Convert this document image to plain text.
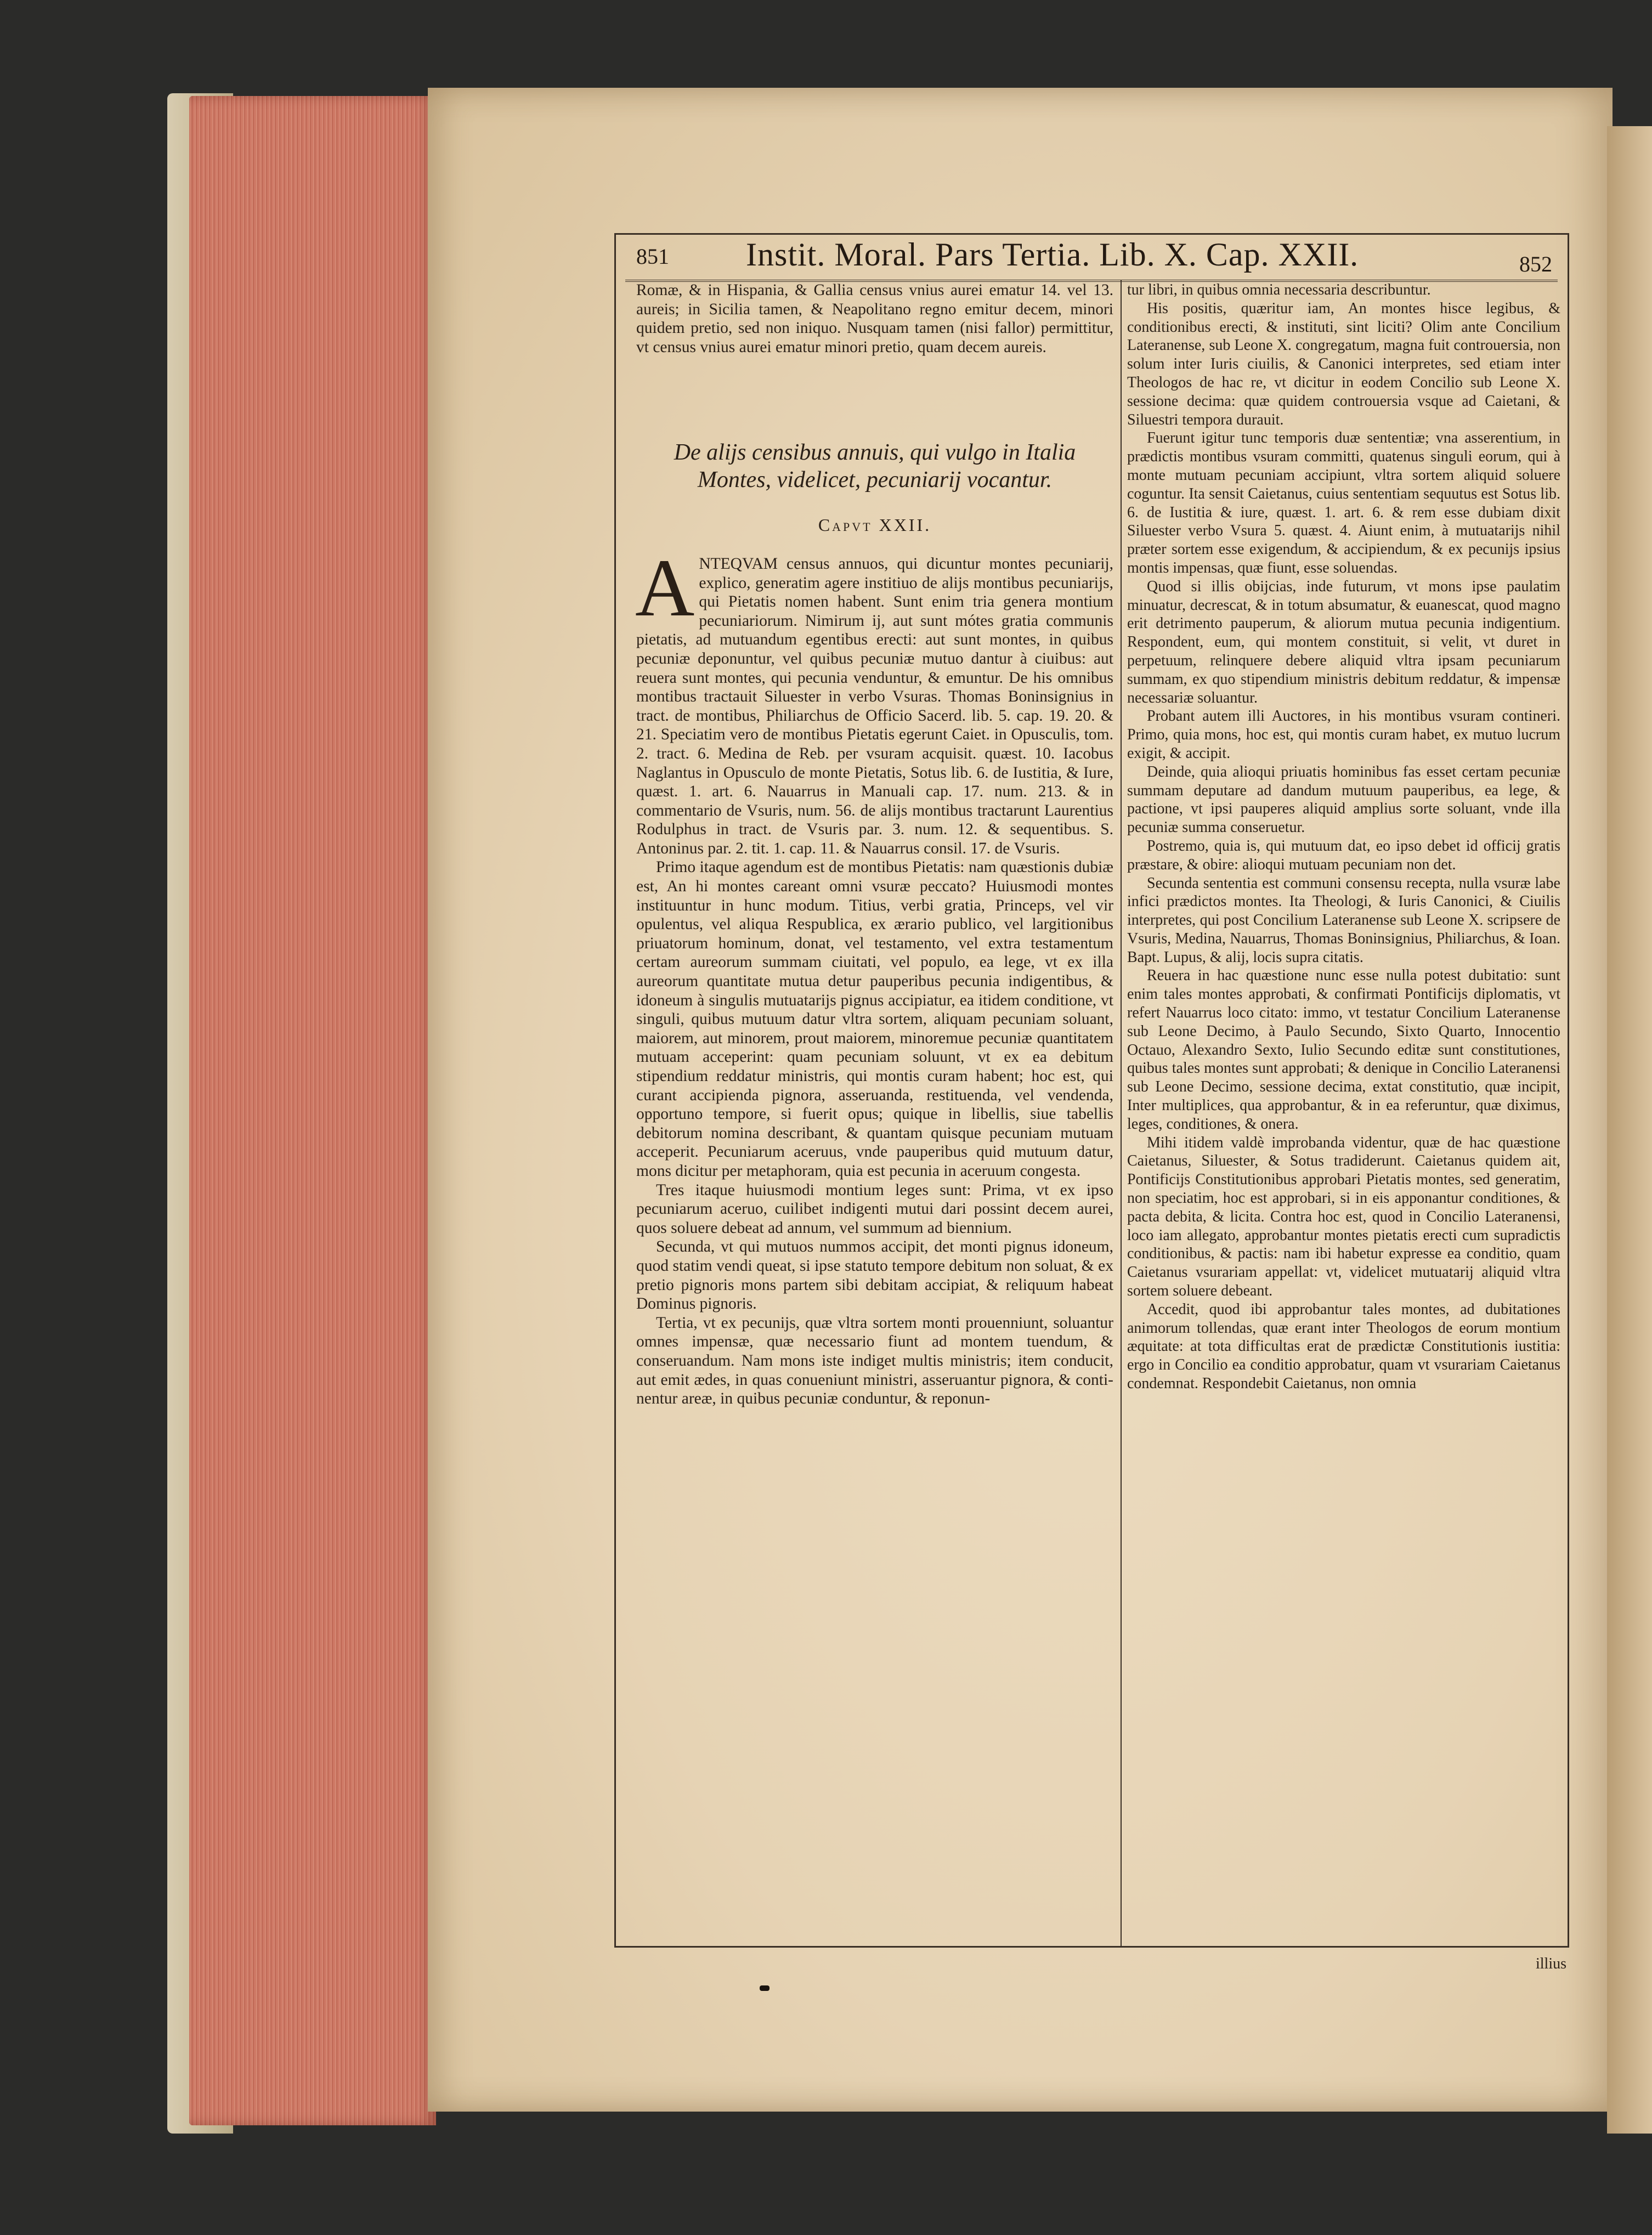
851 Instit. Moral. Pars Tertia. Lib. X. Cap. XXII.	852

Romæ, & in Hispania, & Gallia census vnius aurei ematur 14. vel 13. aureis; in Sicilia tamen, & Neapolitano regno emitur decem, minori quidem pretio, sed non iniquo. Nusquam tamen (nisi fallor) permittitur, vt census vnius aurei ematur minori pretio, quam decem aureis.

De alijs censibus annuis, qui vulgo in Italia Montes, videlicet, pecuniarij vocantur.
Capvt XXII.

ANTEQVAM census annuos, qui dicuntur montes pecuniarij, explico, generatim agere institiuo de alijs montibus pecuniarijs, qui Pietatis nomen habent. Sunt enim tria genera montium pecuniariorum. Nimirum ij, aut sunt mótes gratia communis pietatis, ad mutuandum egentibus erecti: aut sunt montes, in quibus pecuniæ deponuntur, vel quibus pecuniæ mutuo dantur à ciuibus: aut reuera sunt montes, qui pecunia venduntur, & emuntur. De his omnibus montibus tractauit Siluester in verbo Vsuras. Thomas Boninsignius in tract. de montibus, Philiarchus de Officio Sacerd. lib. 5. cap. 19. 20. & 21. Speciatim vero de montibus Pietatis egerunt Caiet. in Opusculis, tom. 2. tract. 6. Medina de Reb. per vsuram acquisit. quæst. 10. Iacobus Naglantus in Opusculo de monte Pietatis, Sotus lib. 6. de Iustitia, & Iure, quæst. 1. art. 6. Nauarrus in Manuali cap. 17. num. 213. & in commentario de Vsuris, num. 56. de alijs montibus tractarunt Laurentius Rodulphus in tract. de Vsuris par. 3. num. 12. & sequentibus. S. Antoninus par. 2. tit. 1. cap. 11. & Nauarrus consil. 17. de Vsuris.

Primo itaque agendum est de montibus Pietatis: nam quæstionis dubiæ est, An hi montes careant omni vsuræ peccato? Huiusmodi montes instituuntur in hunc modum. Titius, verbi gratia, Princeps, vel vir opulentus, vel aliqua Respublica, ex ærario publico, vel largitionibus priuatorum hominum, donat, vel testamento, vel extra testamentum certam aureorum summam ciuitati, vel populo, ea lege, vt ex illa aureorum quantitate mutua detur pauperibus pecunia indigentibus, & idoneum à singulis mutuatarijs pignus accipiatur, ea itidem conditione, vt singuli, quibus mutuum datur vltra sortem, aliquam pecuniam soluant, maiorem, aut minorem, prout maiorem, minoremue pecuniæ quantitatem mutuam acceperint: quam pecuniam soluunt, vt ex ea debitum stipendium reddatur ministris, qui montis curam habent; hoc est, qui curant accipienda pignora, asseruanda, restituenda, vel vendenda, opportuno tempore, si fuerit opus; quique in libellis, siue tabellis debitorum nomina describant, & quantam quisque pecuniam mutuam acceperit. Pecuniarum aceruus, vnde pauperibus quid mutuum datur, mons dicitur per metaphoram, quia est pecunia in aceruum congesta.

Tres itaque huiusmodi montium leges sunt: Prima, vt ex ipso pecuniarum aceruo, cuilibet indigenti mutui dari possint decem aurei, quos soluere debeat ad annum, vel summum ad biennium.

Secunda, vt qui mutuos nummos accipit, det monti pignus idoneum, quod statim vendi queat, si ipse statuto tempore debitum non soluat, & ex pretio pignoris mons partem sibi debitam accipiat, & reliquum habeat Dominus pignoris.

Tertia, vt ex pecunijs, quæ vltra sortem monti prouenniunt, soluantur omnes impensæ, quæ necessario fiunt ad montem tuendum, & conseruandum. Nam mons iste indiget multis ministris; item conducit, aut emit ædes, in quas conueniunt ministri, asseruantur pignora, & continentur areæ, in quibus pecuniæ conduntur, & reponun-

tur libri, in quibus omnia necessaria describuntur.

His positis, quæritur iam, An montes hisce legibus, & conditionibus erecti, & instituti, sint liciti? Olim ante Concilium Lateranense, sub Leone X. congregatum, magna fuit controuersia, non solum inter Iuris ciuilis, & Canonici interpretes, sed etiam inter Theologos de hac re, vt dicitur in eodem Concilio sub Leone X. sessione decima: quæ quidem controuersia vsque ad Caietani, & Siluestri tempora durauit.

Fuerunt igitur tunc temporis duæ sententiæ; vna asserentium, in prædictis montibus vsuram committi, quatenus singuli eorum, qui à monte mutuam pecuniam accipiunt, vltra sortem aliquid soluere coguntur. Ita sensit Caietanus, cuius sententiam sequutus est Sotus lib. 6. de Iustitia & iure, quæst. 1. art. 6. & rem esse dubiam dixit Siluester verbo Vsura 5. quæst. 4. Aiunt enim, à mutuatarijs nihil præter sortem esse exigendum, & accipiendum, & ex pecunijs ipsius montis impensas, quæ fiunt, esse soluendas.

Quod si illis obijcias, inde futurum, vt mons ipse paulatim minuatur, decrescat, & in totum absumatur, & euanescat, quod magno erit detrimento pauperum, & aliorum mutua pecunia indigentium. Respondent, eum, qui montem constituit, si velit, vt duret in perpetuum, relinquere debere aliquid vltra ipsam pecuniarum summam, ex quo stipendium ministris debitum reddatur, & impensæ necessariæ soluantur.

Probant autem illi Auctores, in his montibus vsuram contineri. Primo, quia mons, hoc est, qui montis curam habet, ex mutuo lucrum exigit, & accipit.

Deinde, quia alioqui priuatis hominibus fas esset certam pecuniæ summam deputare ad dandum mutuum pauperibus, ea lege, & pactione, vt ipsi pauperes aliquid amplius sorte soluant, vnde illa pecuniæ summa conseruetur.

Postremo, quia is, qui mutuum dat, eo ipso debet id officij gratis præstare, & obire: alioqui mutuam pecuniam non det.

Secunda sententia est communi consensu recepta, nulla vsuræ labe infici prædictos montes. Ita Theologi, & Iuris Canonici, & Ciuilis interpretes, qui post Concilium Lateranense sub Leone X. scripsere de Vsuris, Medina, Nauarrus, Thomas Boninsignius, Philiarchus, & Ioan. Bapt. Lupus, & alij, locis supra citatis.

Reuera in hac quæstione nunc esse nulla potest dubitatio: sunt enim tales montes approbati, & confirmati Pontificijs diplomatis, vt refert Nauarrus loco citato: immo, vt testatur Concilium Lateranense sub Leone Decimo, à Paulo Secundo, Sixto Quarto, Innocentio Octauo, Alexandro Sexto, Iulio Secundo editæ sunt constitutiones, quibus tales montes sunt approbati; & denique in Concilio Lateranensi sub Leone Decimo, sessione decima, extat constitutio, quæ incipit, Inter multiplices, qua approbantur, & in ea referuntur, quæ diximus, leges, conditiones, & onera.

Mihi itidem valdè improbanda videntur, quæ de hac quæstione Caietanus, Siluester, & Sotus tradiderunt. Caietanus quidem ait, Pontificijs Constitutionibus approbari Pietatis montes, sed generatim, non speciatim, hoc est approbari, si in eis apponantur conditiones, & pacta debita, & licita. Contra hoc est, quod in Concilio Lateranensi, loco iam allegato, approbantur montes pietatis erecti cum supradictis conditionibus, & pactis: nam ibi habetur expresse ea conditio, quam Caietanus vsurariam appellat: vt, videlicet mutuatarij aliquid vltra sortem soluere debeant.

Accedit, quod ibi approbantur tales montes, ad dubitationes animorum tollendas, quæ erant inter Theologos de eorum montium æquitate: at tota difficultas erat de prædictæ Constitutionis iustitia: ergo in Concilio ea conditio approbatur, quam vt vsurariam Caietanus condemnat. Respondebit Caietanus, non omnia

illius
